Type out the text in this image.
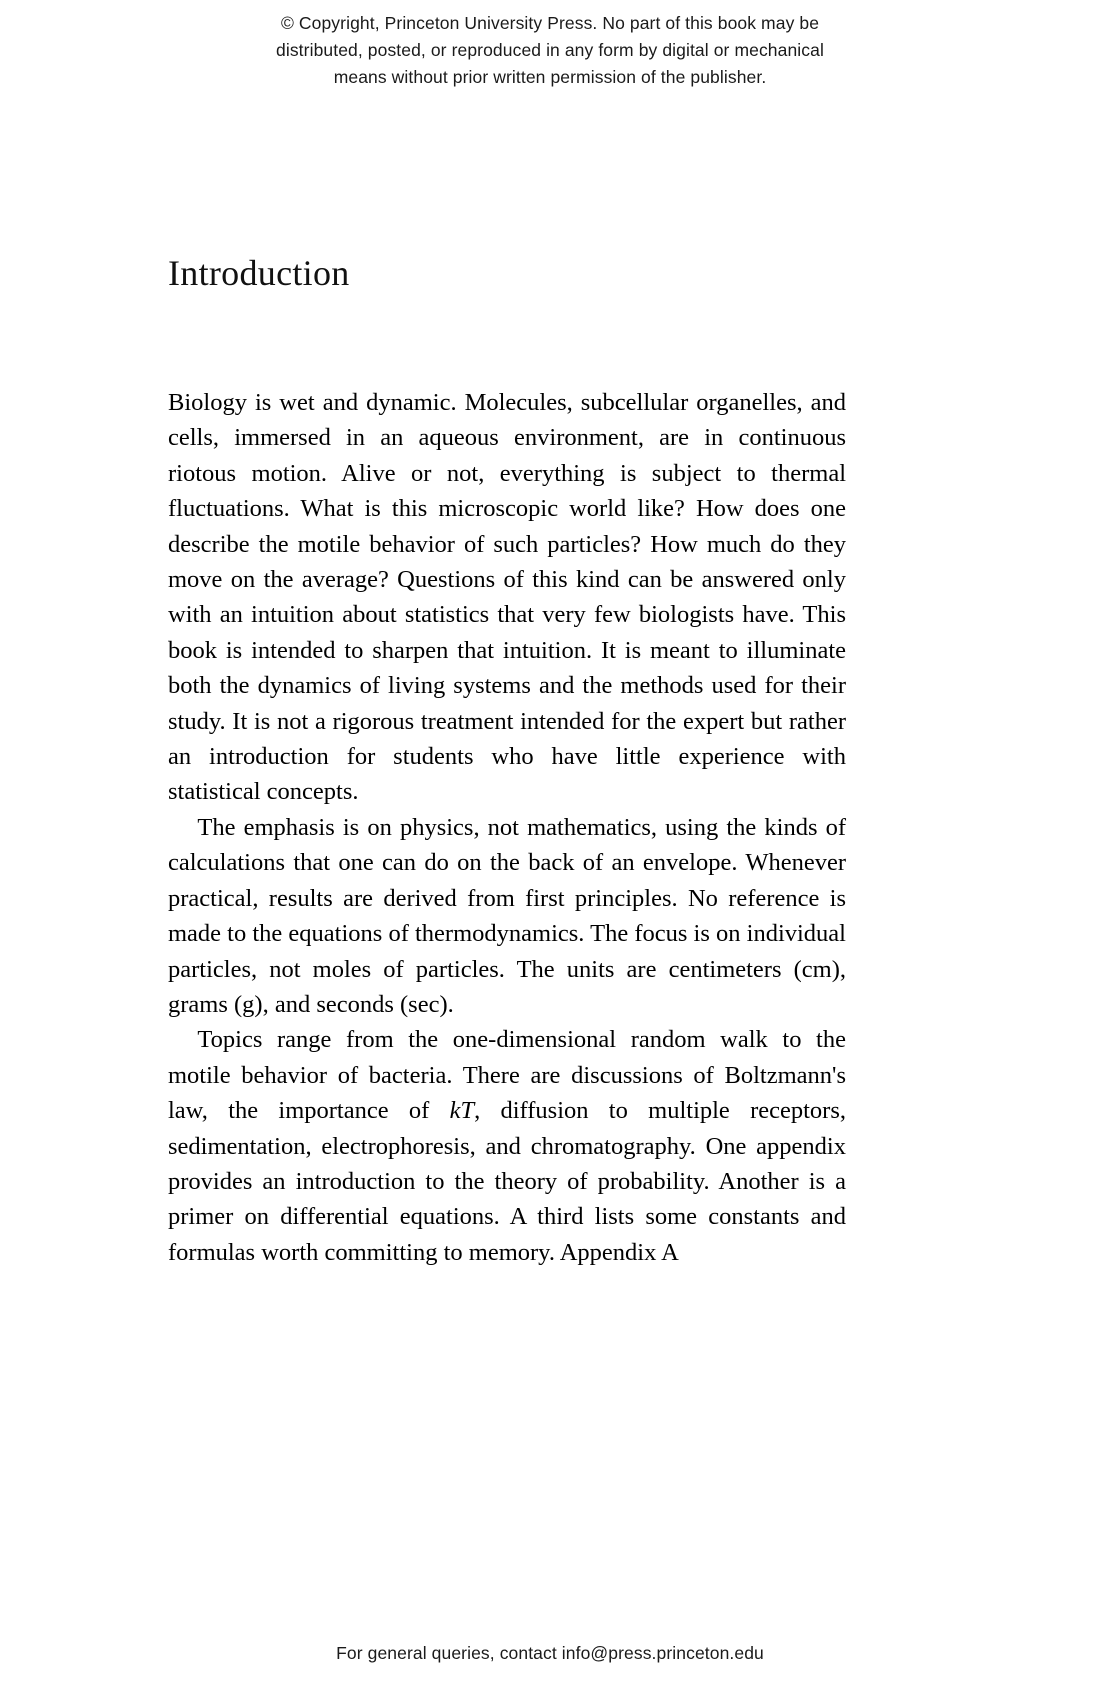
© Copyright, Princeton University Press. No part of this book may be
distributed, posted, or reproduced in any form by digital or mechanical
means without prior written permission of the publisher.
Introduction

Biology is wet and dynamic. Molecules, subcellular organelles, and cells, immersed in an aqueous environment, are in continuous riotous motion. Alive or not, everything is subject to thermal fluctuations. What is this microscopic world like? How does one describe the motile behavior of such particles? How much do they move on the average? Questions of this kind can be answered only with an intuition about statistics that very few biologists have. This book is intended to sharpen that intuition. It is meant to illuminate both the dynamics of living systems and the methods used for their study. It is not a rigorous treatment intended for the expert but rather an introduction for students who have little experience with statistical concepts.

The emphasis is on physics, not mathematics, using the kinds of calculations that one can do on the back of an envelope. Whenever practical, results are derived from first principles. No reference is made to the equations of thermodynamics. The focus is on individual particles, not moles of particles. The units are centimeters (cm), grams (g), and seconds (sec).

Topics range from the one-dimensional random walk to the motile behavior of bacteria. There are discussions of Boltzmann's law, the importance of kT, diffusion to multiple receptors, sedimentation, electrophoresis, and chromatography. One appendix provides an introduction to the theory of probability. Another is a primer on differential equations. A third lists some constants and formulas worth committing to memory. Appendix A

For general queries, contact info@press.princeton.edu
